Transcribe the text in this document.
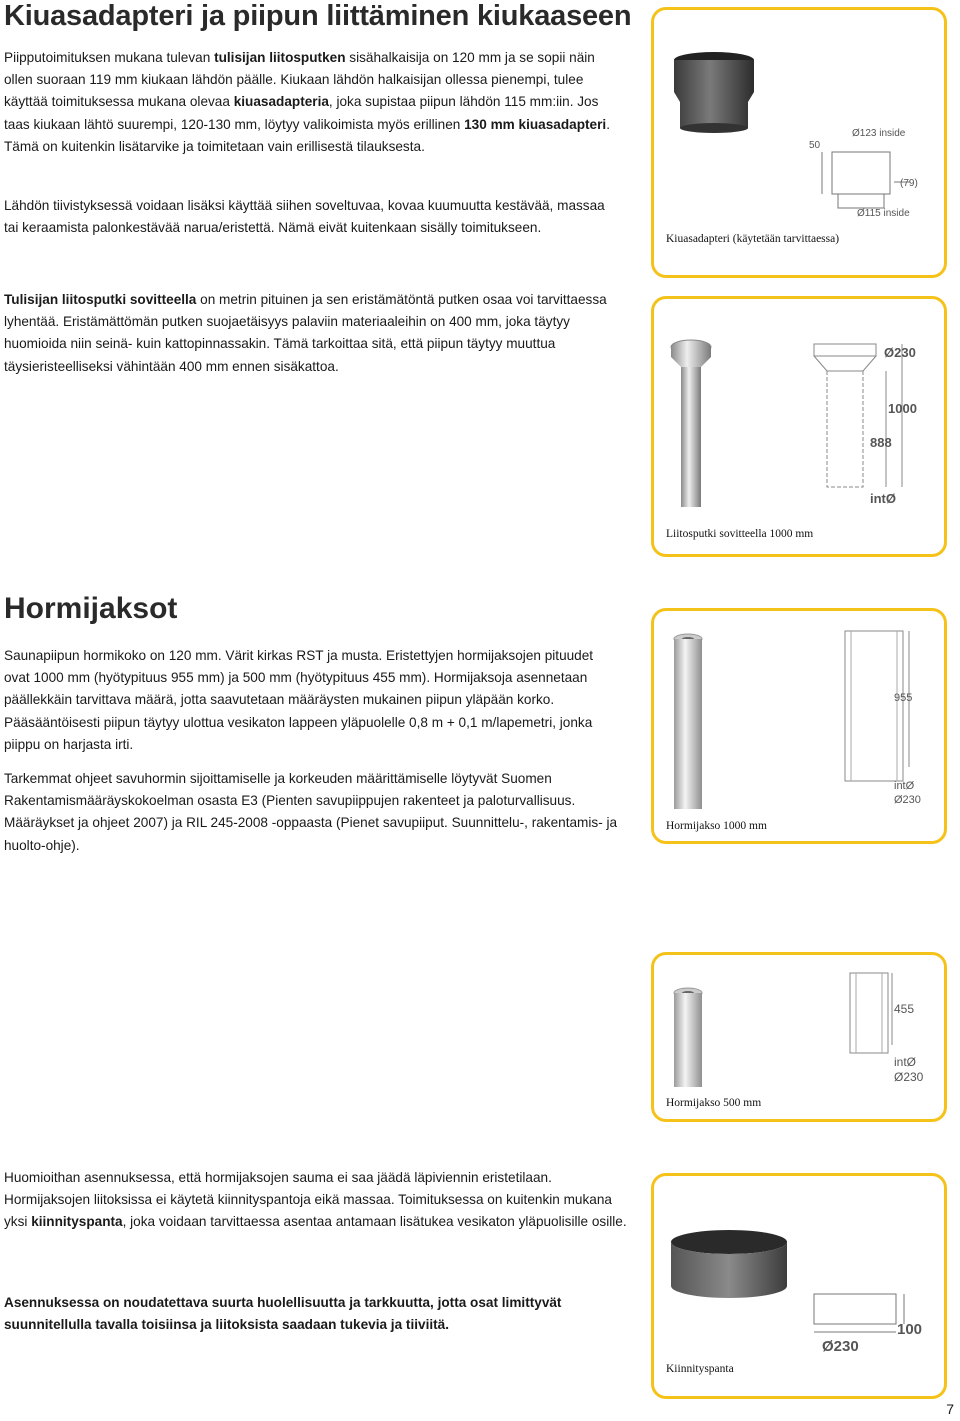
Kiuasadapteri ja piipun liittäminen kiukaaseen

Piipputoimituksen mukana tulevan tulisijan liitosputken sisähalkaisija on 120 mm ja se sopii näin ollen suoraan 119 mm kiukaan lähdön päälle. Kiukaan lähdön halkaisijan ollessa pienempi, tulee käyttää toimituksessa mukana olevaa kiuasadapteria, joka supistaa piipun lähdön 115 mm:iin. Jos taas kiukaan lähtö suurempi, 120-130 mm, löytyy valikoimista myös erillinen 130 mm kiuasadapteri. Tämä on kuitenkin lisätarvike ja toimitetaan vain erillisestä tilauksesta.

Lähdön tiivistyksessä voidaan lisäksi käyttää siihen soveltuvaa, kovaa kuumuutta kestävää, massaa tai keraamista palonkestävää narua/eristettä. Nämä eivät kuitenkaan sisälly toimitukseen.

Tulisijan liitosputki sovitteella on metrin pituinen ja sen eristämätöntä putken osaa voi tarvittaessa lyhentää. Eristämättömän putken suojaetäisyys palaviin materiaaleihin on 400 mm, joka täytyy huomioida niin seinä- kuin kattopinnassakin. Tämä tarkoittaa sitä, että piipun täytyy muuttua täysieristeelliseksi vähintään 400 mm ennen sisäkattoa.

Hormijaksot

Saunapiipun hormikoko on 120 mm. Värit kirkas RST ja musta. Eristettyjen hormijaksojen pituudet ovat 1000 mm (hyötypituus 955 mm) ja 500 mm (hyötypituus 455 mm). Hormijaksoja asennetaan päällekkäin tarvittava määrä, jotta saavutetaan määräysten mukainen piipun yläpään korko. Pääsääntöisesti piipun täytyy ulottua vesikaton lappeen yläpuolelle 0,8 m + 0,1 m/lapemetri, jonka piippu on harjasta irti.

Tarkemmat ohjeet savuhormin sijoittamiselle ja korkeuden määrittämiselle löytyvät Suomen Rakentamismääräyskokoelman osasta E3 (Pienten savupiippujen rakenteet ja paloturvallisuus. Määräykset ja ohjeet 2007) ja RIL 245-2008 -oppaasta (Pienet savupiiput. Suunnittelu-, rakentamis- ja huolto-ohje).

Huomioithan asennuksessa, että hormijaksojen sauma ei saa jäädä läpiviennin eristetilaan. Hormijaksojen liitoksissa ei käytetä kiinnityspantoja eikä massaa. Toimituksessa on kuitenkin mukana yksi kiinnityspanta, joka voidaan tarvittaessa asentaa antamaan lisätukea vesikaton yläpuolisille osille.

Asennuksessa on noudatettava suurta huolellisuutta ja tarkkuutta, jotta osat limittyvät suunnitellulla tavalla toisiinsa ja liitoksista saadaan tukevia ja tiiviitä.

50
Ø123 inside
(79)
Ø115 inside
Kiuasadapteri (käytetään tarvittaessa)
Ø230
1000
888
intØ
Liitosputki sovitteella 1000 mm
955
intØ
Ø230
Hormijakso 1000 mm
455
intØ
Ø230
Hormijakso 500 mm
Ø230
100
Kiinnityspanta
7
